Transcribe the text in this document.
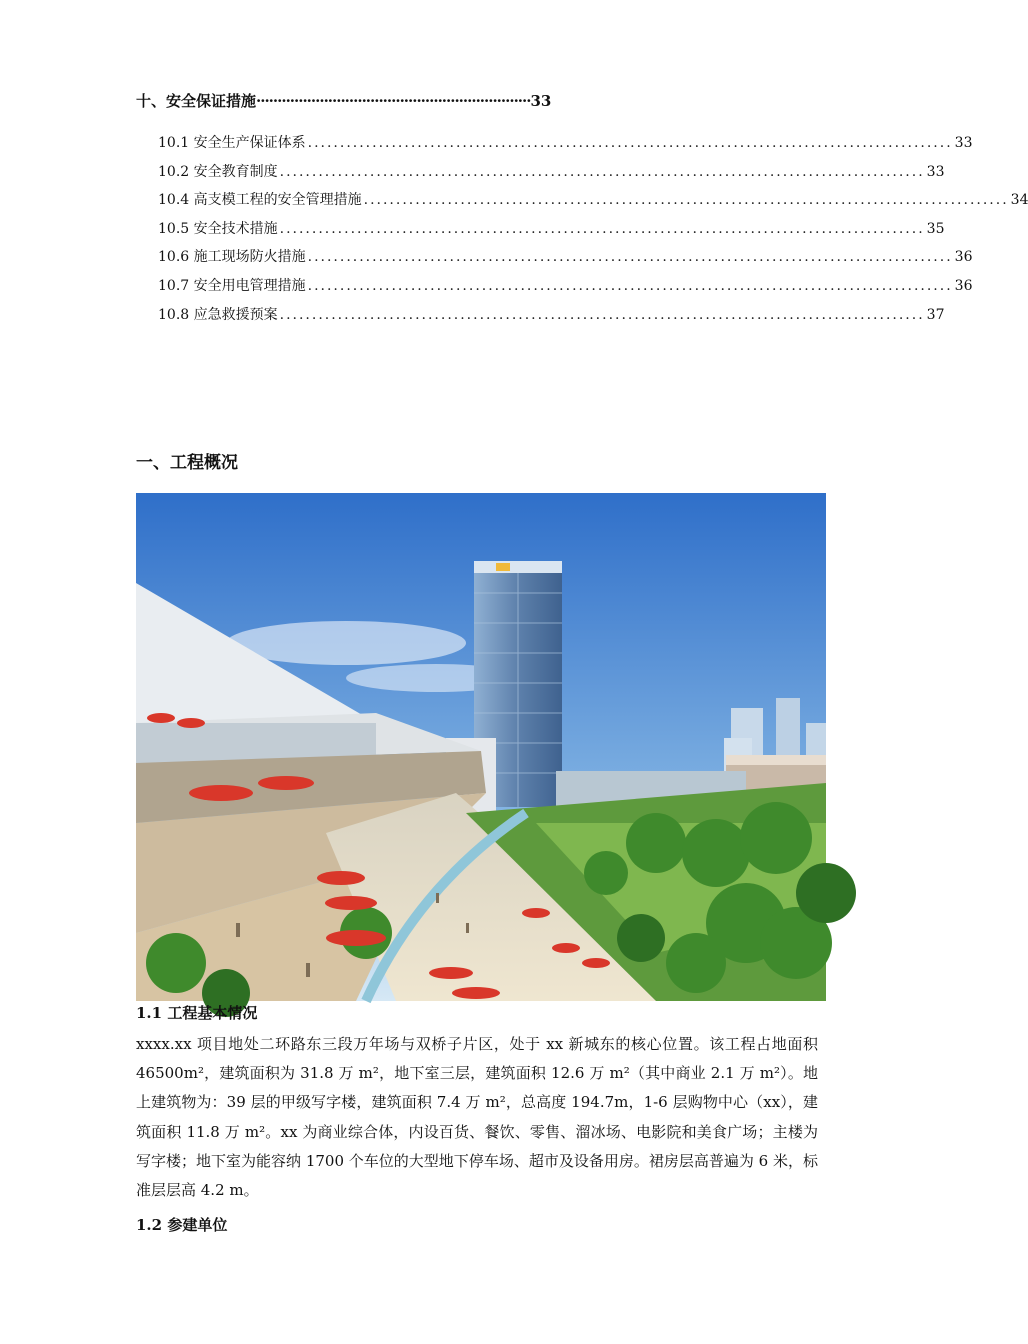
十、安全保证措施·································································33
10.1 安全生产保证体系 .................................................................................................... 33
10.2 安全教育制度 .................................................................................................... 33
10.4 高支模工程的安全管理措施 .................................................................................................... 34
10.5 安全技术措施 .................................................................................................... 35
10.6 施工现场防火措施 .................................................................................................... 36
10.7 安全用电管理措施 .................................................................................................... 36
10.8 应急救援预案 .................................................................................................... 37
一、工程概况
1.1 工程基本情况
xxxx.xx 项目地处二环路东三段万年场与双桥子片区，处于 xx 新城东的核心位置。该工程占地面积 46500m²，建筑面积为 31.8 万 m²，地下室三层，建筑面积 12.6 万 m²（其中商业 2.1 万 m²）。地上建筑物为：39 层的甲级写字楼，建筑面积 7.4 万 m²，总高度 194.7m，1-6 层购物中心（xx），建筑面积 11.8 万 m²。xx 为商业综合体，内设百货、餐饮、零售、溜冰场、电影院和美食广场；主楼为写字楼；地下室为能容纳 1700 个车位的大型地下停车场、超市及设备用房。裙房层高普遍为 6 米，标准层层高 4.2 m。
1.2 参建单位
